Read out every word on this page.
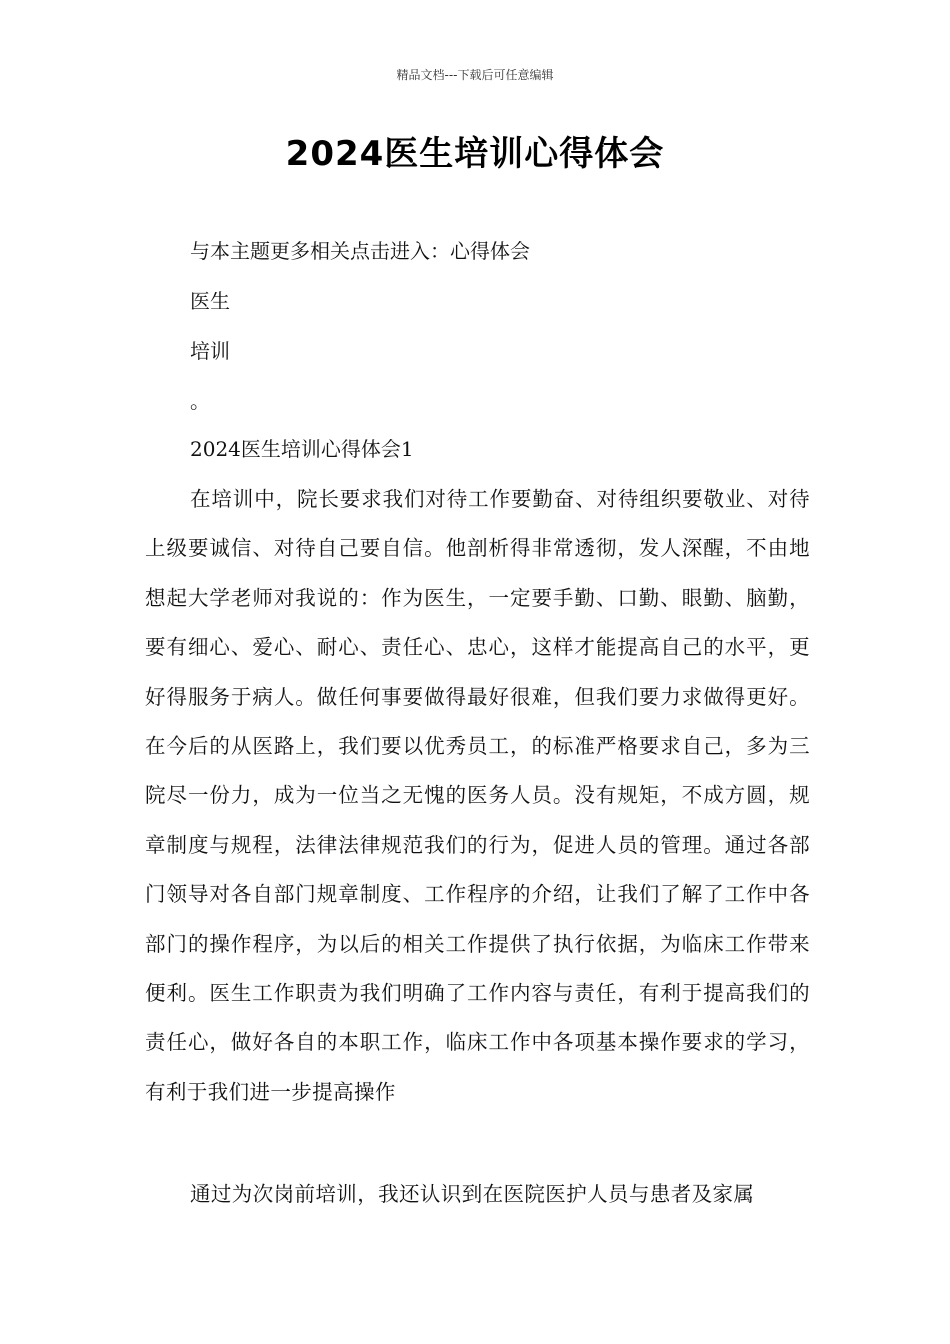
精品文档---下载后可任意编辑
2024医生培训心得体会
与本主题更多相关点击进入：心得体会
医生
培训
。
2024医生培训心得体会1
在培训中，院长要求我们对待工作要勤奋、对待组织要敬业、对待上级要诚信、对待自己要自信。他剖析得非常透彻，发人深醒，不由地想起大学老师对我说的：作为医生，一定要手勤、口勤、眼勤、脑勤，要有细心、爱心、耐心、责任心、忠心，这样才能提高自己的水平，更好得服务于病人。做任何事要做得最好很难，但我们要力求做得更好。在今后的从医路上，我们要以优秀员工，的标准严格要求自己，多为三院尽一份力，成为一位当之无愧的医务人员。没有规矩，不成方圆，规章制度与规程，法律法律规范我们的行为，促进人员的管理。通过各部门领导对各自部门规章制度、工作程序的介绍，让我们了解了工作中各部门的操作程序，为以后的相关工作提供了执行依据，为临床工作带来便利。医生工作职责为我们明确了工作内容与责任，有利于提高我们的责任心，做好各自的本职工作，临床工作中各项基本操作要求的学习，有利于我们进一步提高操作
通过为次岗前培训，我还认识到在医院医护人员与患者及家属
